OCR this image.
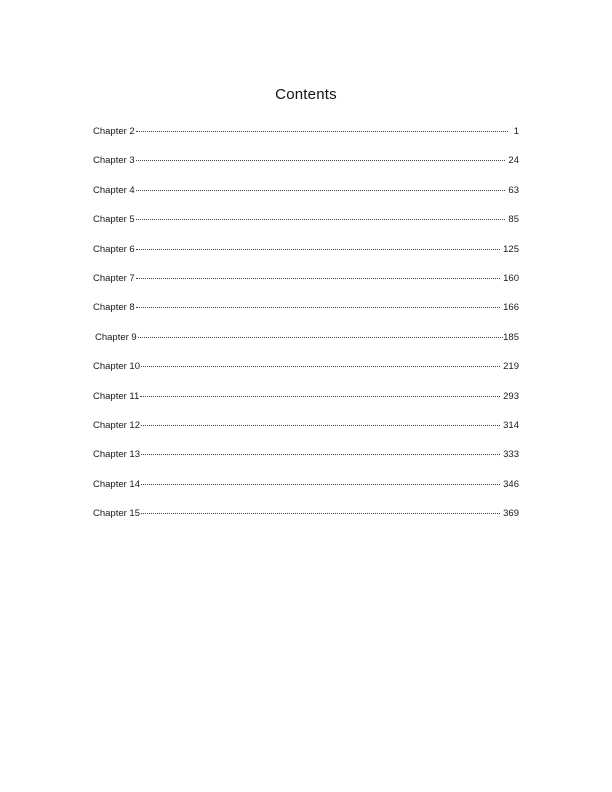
Contents
Chapter 2	1
Chapter 3	24
Chapter 4	63
Chapter 5	85
Chapter 6	125
Chapter 7	160
Chapter 8	166
Chapter 9	185
Chapter 10	219
Chapter 11	293
Chapter 12	314
Chapter 13	333
Chapter 14	346
Chapter 15	369
